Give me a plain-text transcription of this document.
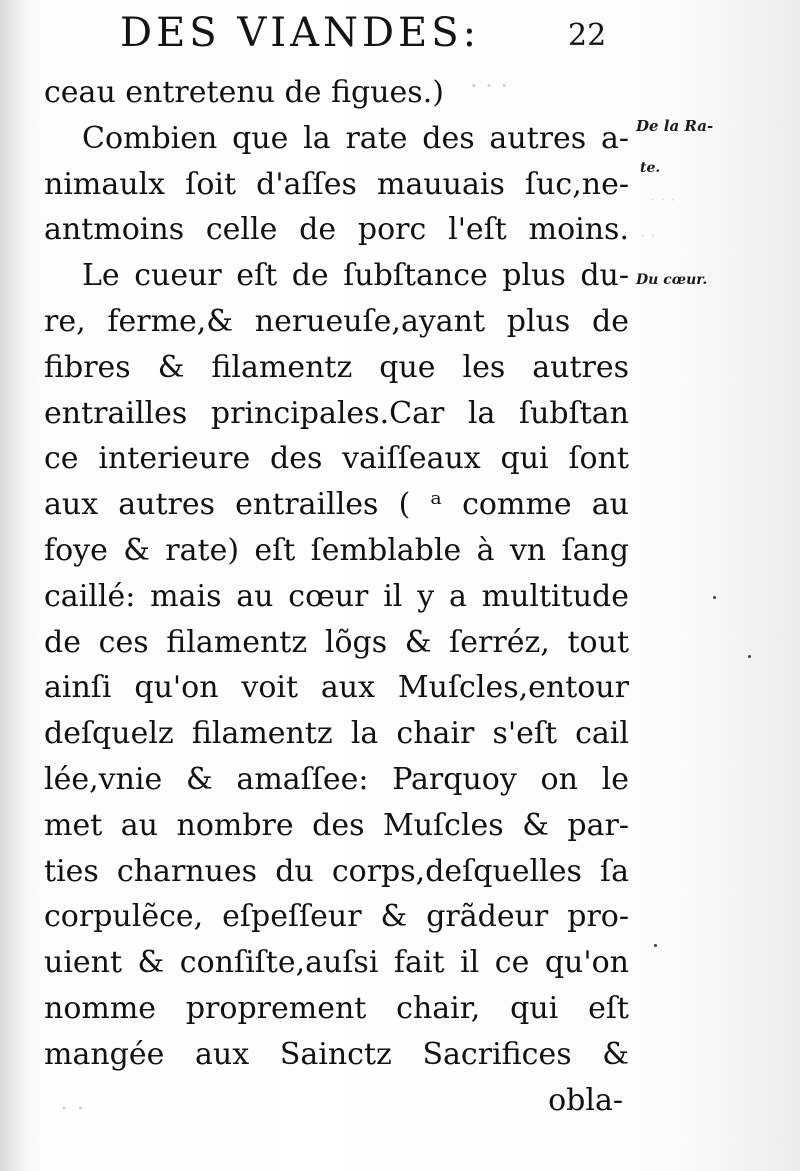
· · ·
· · ·
· ·
· ·
DES VIANDES:	22
ceau entretenu de figues.)
Combien que la rate des autres a-
nimaulx ſoit d'aſſes mauuais ſuc,ne-
antmoins celle de porc l'eſt moins.
Le cueur eſt de ſubſtance plus du-
re, ferme,& nerueuſe,ayant plus de
fibres & filamentz que les autres
entrailles principales.Car la ſubſtan
ce interieure des vaiſſeaux qui ſont
aux autres entrailles ( ᵃ comme au
foye & rate) eſt ſemblable à vn ſang
caillé: mais au cœur il y a multitude
de ces filamentz lõgs & ſerréz, tout
ainſi qu'on voit aux Muſcles,entour
deſquelz filamentz la chair s'eſt cail
lée,vnie & amaſſee: Parquoy on le
met au nombre des Muſcles & par-
ties charnues du corps,deſquelles ſa
corpulẽce, eſpeſſeur & grãdeur pro-
uient & conſiſte,auſsi fait il ce qu'on
nomme proprement chair, qui eſt
mangée aux Sainctz Sacrifices &
obla-
De la Ra-
te.
Du cœur.
